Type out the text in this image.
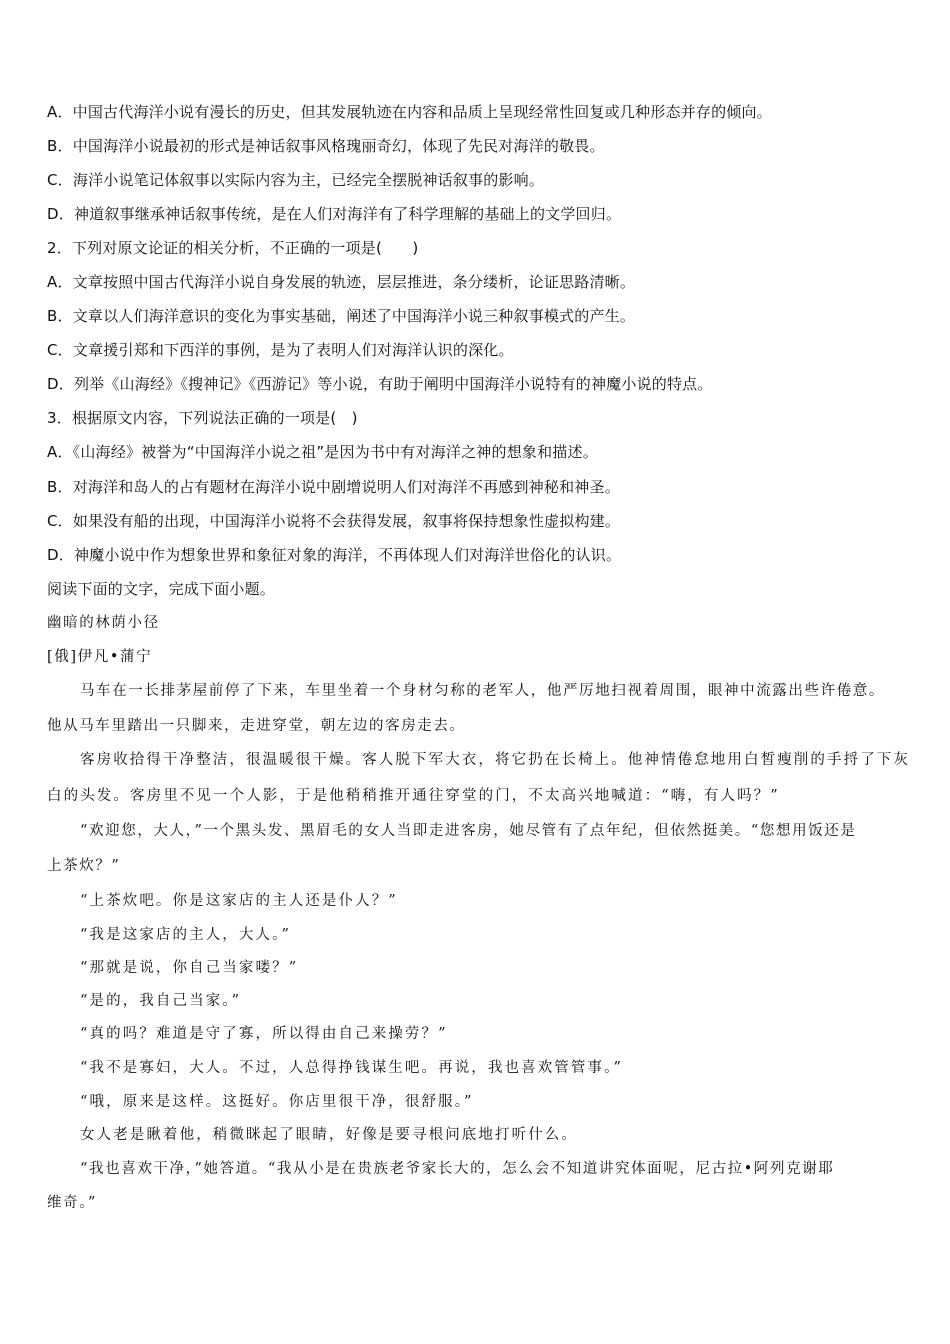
A．中国古代海洋小说有漫长的历史，但其发展轨迹在内容和品质上呈现经常性回复或几种形态并存的倾向。
B．中国海洋小说最初的形式是神话叙事风格瑰丽奇幻，体现了先民对海洋的敬畏。
C．海洋小说笔记体叙事以实际内容为主，已经完全摆脱神话叙事的影响。
D．神道叙事继承神话叙事传统，是在人们对海洋有了科学理解的基础上的文学回归。
2．下列对原文论证的相关分析，不正确的一项是(　　)
A．文章按照中国古代海洋小说自身发展的轨迹，层层推进，条分缕析，论证思路清晰。
B．文章以人们海洋意识的变化为事实基础，阐述了中国海洋小说三种叙事模式的产生。
C．文章援引郑和下西洋的事例，是为了表明人们对海洋认识的深化。
D．列举《山海经》《搜神记》《西游记》等小说，有助于阐明中国海洋小说特有的神魔小说的特点。
3．根据原文内容，下列说法正确的一项是(　)
A．《山海经》被誉为“中国海洋小说之祖”是因为书中有对海洋之神的想象和描述。
B．对海洋和岛人的占有题材在海洋小说中剧增说明人们对海洋不再感到神秘和神圣。
C．如果没有船的出现，中国海洋小说将不会获得发展，叙事将保持想象性虚拟构建。
D．神魔小说中作为想象世界和象征对象的海洋，不再体现人们对海洋世俗化的认识。
阅读下面的文字，完成下面小题。
幽暗的林荫小径
[俄]伊凡•蒲宁
马车在一长排茅屋前停了下来，车里坐着一个身材匀称的老军人，他严厉地扫视着周围，眼神中流露出些许倦意。
他从马车里踏出一只脚来，走进穿堂，朝左边的客房走去。
客房收拾得干净整洁，很温暖很干燥。客人脱下军大衣，将它扔在长椅上。他神情倦怠地用白皙瘦削的手捋了下灰
白的头发。客房里不见一个人影，于是他稍稍推开通往穿堂的门，不太高兴地喊道：“嗨，有人吗？”
“欢迎您，大人，”一个黑头发、黑眉毛的女人当即走进客房，她尽管有了点年纪，但依然挺美。“您想用饭还是
上茶炊？”
“上茶炊吧。你是这家店的主人还是仆人？”
“我是这家店的主人，大人。”
“那就是说，你自己当家喽？”
“是的，我自己当家。”
“真的吗？难道是守了寡，所以得由自己来操劳？”
“我不是寡妇，大人。不过，人总得挣钱谋生吧。再说，我也喜欢管管事。”
“哦，原来是这样。这挺好。你店里很干净，很舒服。”
女人老是瞅着他，稍微眯起了眼睛，好像是要寻根问底地打听什么。
“我也喜欢干净，”她答道。“我从小是在贵族老爷家长大的，怎么会不知道讲究体面呢，尼古拉•阿列克谢耶
维奇。”
